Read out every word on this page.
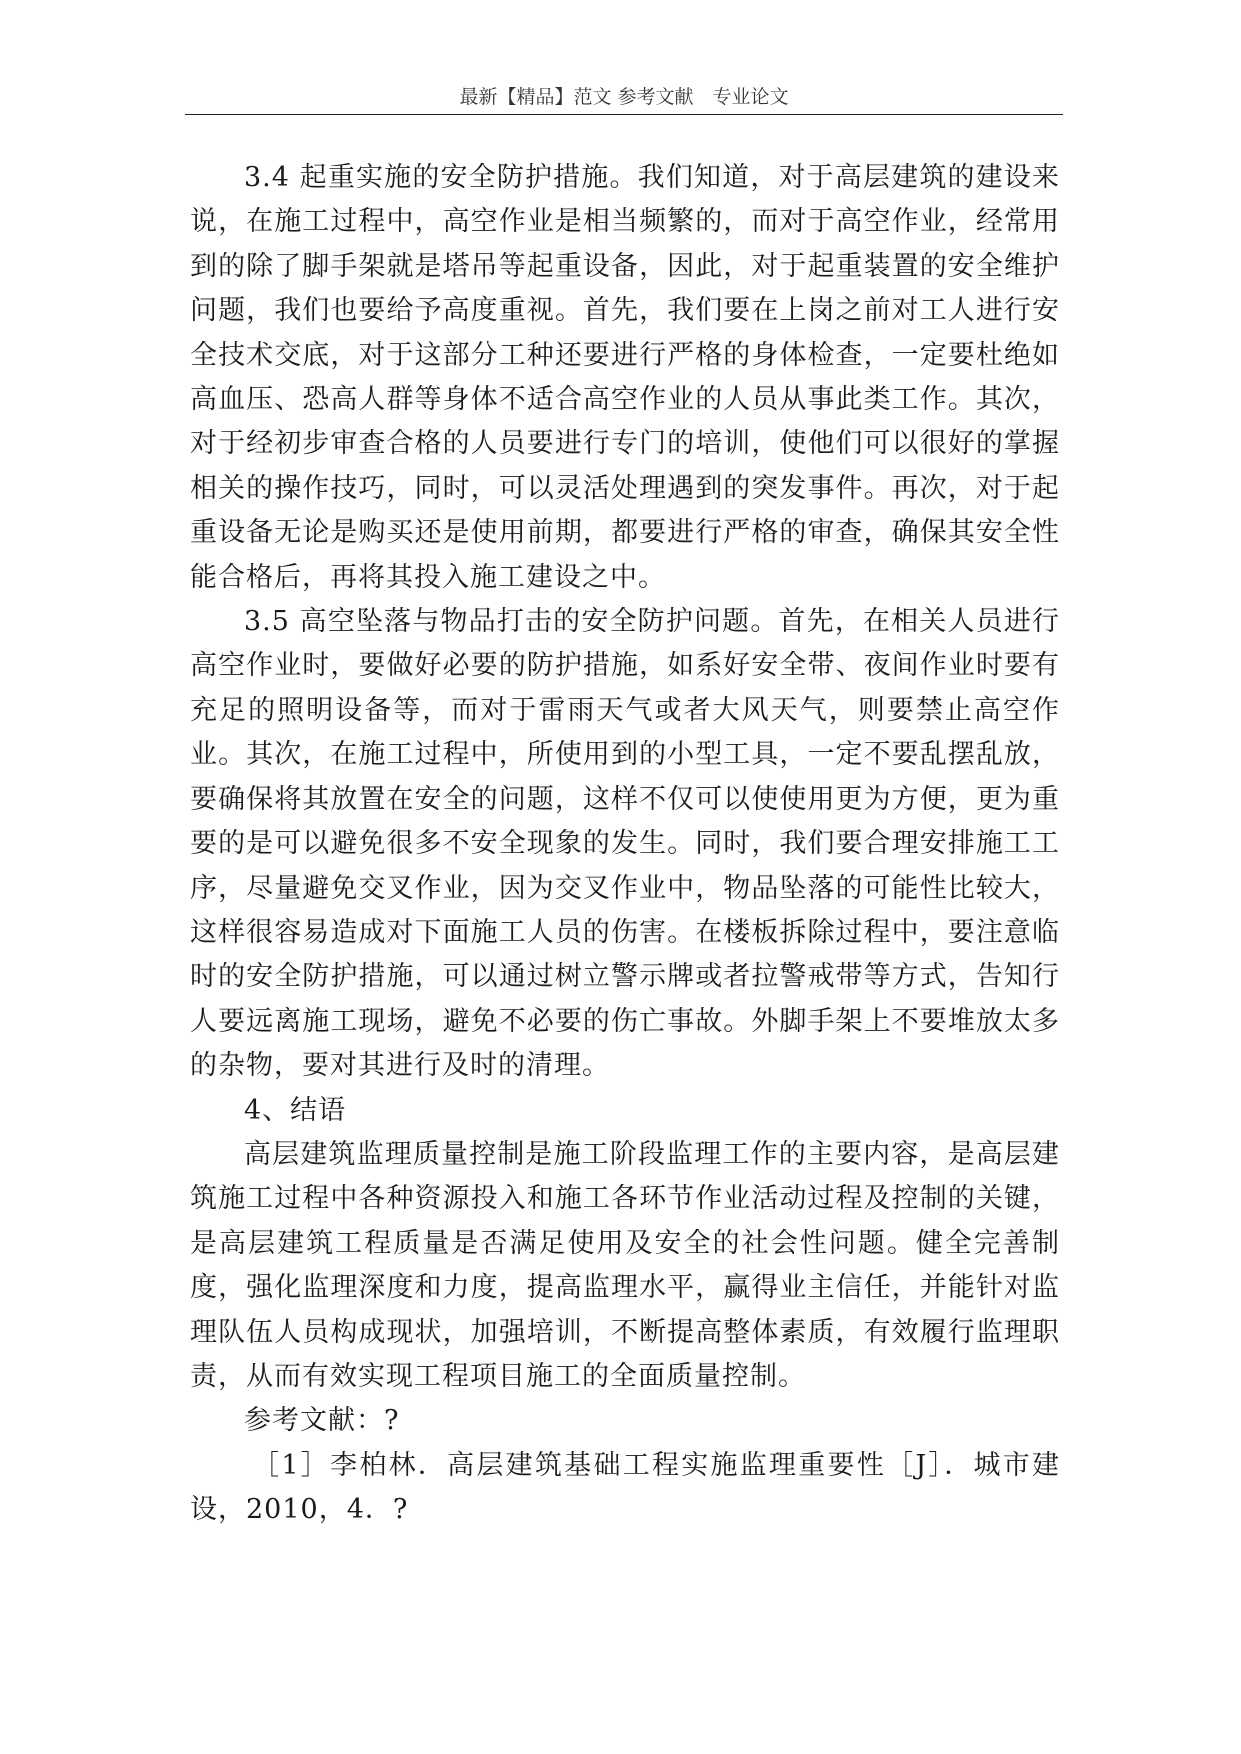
最新【精品】范文 参考文献　专业论文

3.4 起重实施的安全防护措施。我们知道，对于高层建筑的建设来说，在施工过程中，高空作业是相当频繁的，而对于高空作业，经常用到的除了脚手架就是塔吊等起重设备，因此，对于起重装置的安全维护问题，我们也要给予高度重视。首先，我们要在上岗之前对工人进行安全技术交底，对于这部分工种还要进行严格的身体检查，一定要杜绝如高血压、恐高人群等身体不适合高空作业的人员从事此类工作。其次，对于经初步审查合格的人员要进行专门的培训，使他们可以很好的掌握相关的操作技巧，同时，可以灵活处理遇到的突发事件。再次，对于起重设备无论是购买还是使用前期，都要进行严格的审查，确保其安全性能合格后，再将其投入施工建设之中。

3.5 高空坠落与物品打击的安全防护问题。首先，在相关人员进行高空作业时，要做好必要的防护措施，如系好安全带、夜间作业时要有充足的照明设备等，而对于雷雨天气或者大风天气，则要禁止高空作业。其次，在施工过程中，所使用到的小型工具，一定不要乱摆乱放，要确保将其放置在安全的问题，这样不仅可以使使用更为方便，更为重要的是可以避免很多不安全现象的发生。同时，我们要合理安排施工工序，尽量避免交叉作业，因为交叉作业中，物品坠落的可能性比较大，这样很容易造成对下面施工人员的伤害。在楼板拆除过程中，要注意临时的安全防护措施，可以通过树立警示牌或者拉警戒带等方式，告知行人要远离施工现场，避免不必要的伤亡事故。外脚手架上不要堆放太多的杂物，要对其进行及时的清理。

4、结语

高层建筑监理质量控制是施工阶段监理工作的主要内容，是高层建筑施工过程中各种资源投入和施工各环节作业活动过程及控制的关键，是高层建筑工程质量是否满足使用及安全的社会性问题。健全完善制度，强化监理深度和力度，提高监理水平，赢得业主信任，并能针对监理队伍人员构成现状，加强培训，不断提高整体素质，有效履行监理职责，从而有效实现工程项目施工的全面质量控制。

参考文献：?

［1］李柏林．高层建筑基础工程实施监理重要性［J］．城市建设，2010，4．?
